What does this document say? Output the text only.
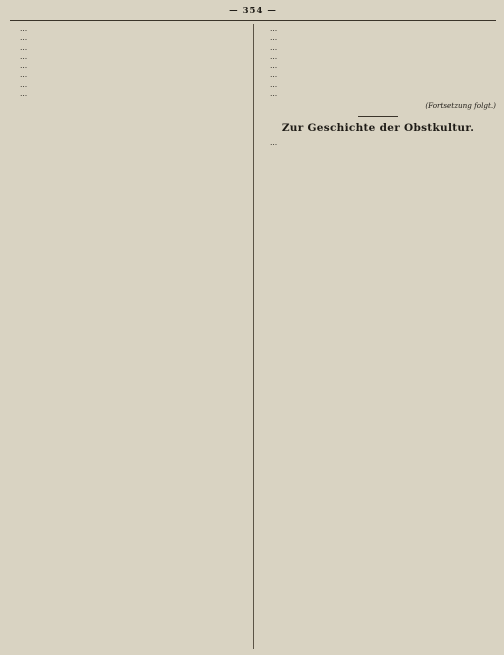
— 354 —

…

…

…

…

…

…

…

…

…

…

…

…

…

…

…

…

(Fortsetzung folgt.)
Zur Geschichte der Obstkultur.

…
